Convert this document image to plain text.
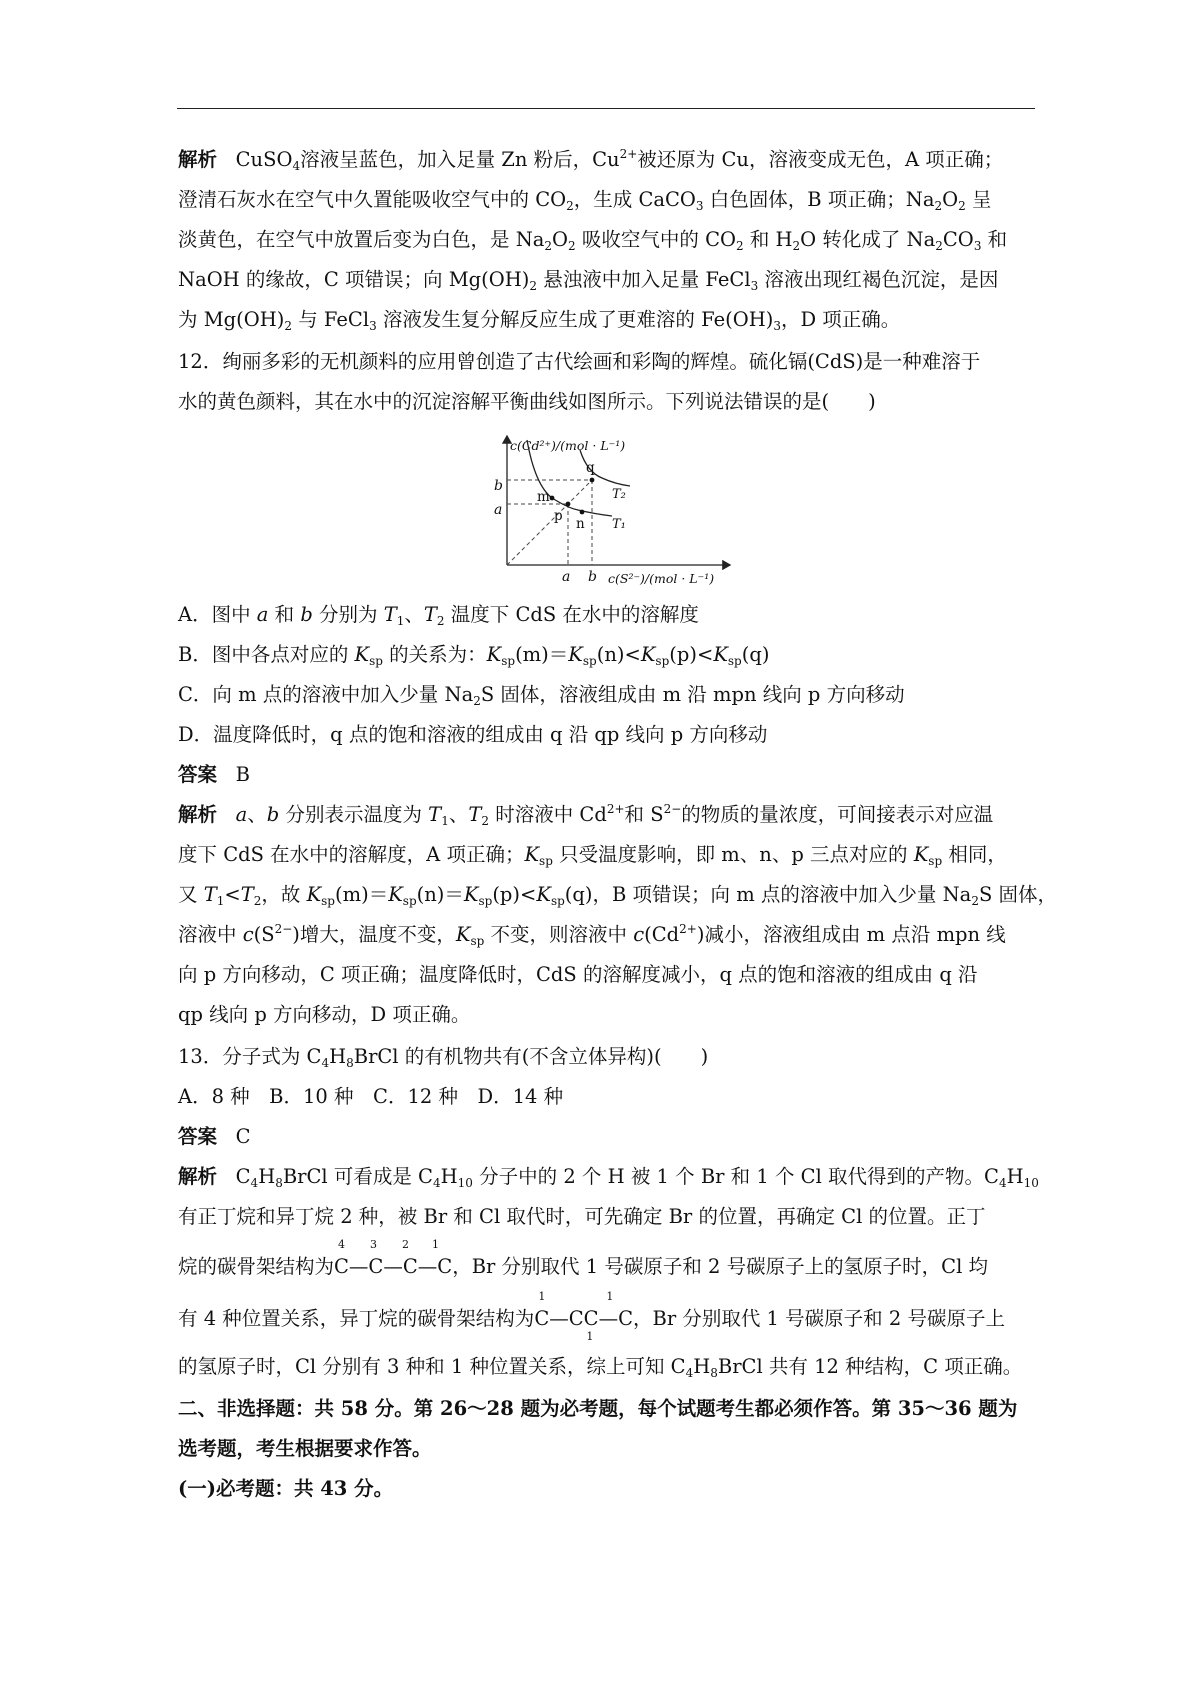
解析 CuSO$_4$溶液呈蓝色，加入足量 Zn 粉后，$Cu^{2+}$被还原为 Cu，溶液变成无色，A 项正确；
澄清石灰水在空气中久置能吸收空气中的 $CO_2$，生成 CaCO$_3$ 白色固体，B 项正确；$Na_2O_2$ 呈
淡黄色，在空气中放置后变为白色，是 $Na_2O_2$ 吸收空气中的 $CO_2$ 和 $H_2O$ 转化成了 $Na_2CO_3$ 和
NaOH 的缘故，C 项错误；向 $Mg(OH)_2$ 悬浊液中加入足量 FeCl$_3$ 溶液出现红褐色沉淀，是因
为 $Mg(OH)_2$ 与 FeCl$_3$ 溶液发生复分解反应生成了更难溶的 $Fe(OH)_3$，D 项正确。
12．绚丽多彩的无机颜料的应用曾创造了古代绘画和彩陶的辉煌。硫化镉(CdS)是一种难溶于
水的黄色颜料，其在水中的沉淀溶解平衡曲线如图所示。下列说法错误的是(　　)
c(Cd²⁺)/(mol · L⁻¹)
c(S²⁻)/(mol · L⁻¹)
b
a
a b
m
p n
q
T₂
T₁
A．图中 a 和 b 分别为 $T_1$、$T_2$ 温度下 CdS 在水中的溶解度
B．图中各点对应的 $K_{sp}$ 的关系为：$K_{sp}(m)=K_{sp}(n)<K_{sp}(p)<K_{sp}(q)$
C．向 m 点的溶液中加入少量 $Na_2S$ 固体，溶液组成由 m 沿 mpn 线向 p 方向移动
D．温度降低时，q 点的饱和溶液的组成由 q 沿 qp 线向 p 方向移动
答案 B
解析 a、b 分别表示温度为 $T_1$、$T_2$ 时溶液中 $Cd^{2+}$和 $S^{2-}$的物质的量浓度，可间接表示对应温
度下 CdS 在水中的溶解度，A 项正确；$K_{sp}$ 只受温度影响，即 m、n、p 三点对应的 $K_{sp}$ 相同，
又 $T_1<T_2$，故 $K_{sp}(m)=K_{sp}(n)=K_{sp}(p)<K_{sp}(q)$，B 项错误；向 m 点的溶液中加入少量 $Na_2S$ 固体，
溶液中 $c(S^{2-})$增大，温度不变，$K_{sp}$ 不变，则溶液中 $c(Cd^{2+})$减小，溶液组成由 m 点沿 mpn 线
向 p 方向移动，C 项正确；温度降低时，CdS 的溶解度减小，q 点的饱和溶液的组成由 q 沿
qp 线向 p 方向移动，D 项正确。
13．分子式为 $C_4H_8BrCl$ 的有机物共有(不含立体异构)(　　)
A．8 种　B．10 种　C．12 种　D．14 种
答案 C
解析 $C_4H_8BrCl$ 可看成是 $C_4H_{10}$ 分子中的 2 个 H 被 1 个 Br 和 1 个 Cl 取代得到的产物。$C_4H_{10}$
有正丁烷和异丁烷 2 种，被 Br 和 Cl 取代时，可先确定 Br 的位置，再确定 Cl 的位置。正丁
烷的碳骨架结构为
4 3 2 1
C—C—C—C，Br 分别取代 1 号碳原子和 2 号碳原子上的氢原子时，Cl 均
有 4 种位置关系，异丁烷的碳骨架结构为
1	1
1
C—CC—C，Br 分别取代 1 号碳原子和 2 号碳原子上
的氢原子时，Cl 分别有 3 种和 1 种位置关系，综上可知 $C_4H_8BrCl$ 共有 12 种结构，C 项正确。
二、非选择题：共 58 分。第 26～28 题为必考题，每个试题考生都必须作答。第 35～36 题为
选考题，考生根据要求作答。
(一)必考题：共 43 分。
